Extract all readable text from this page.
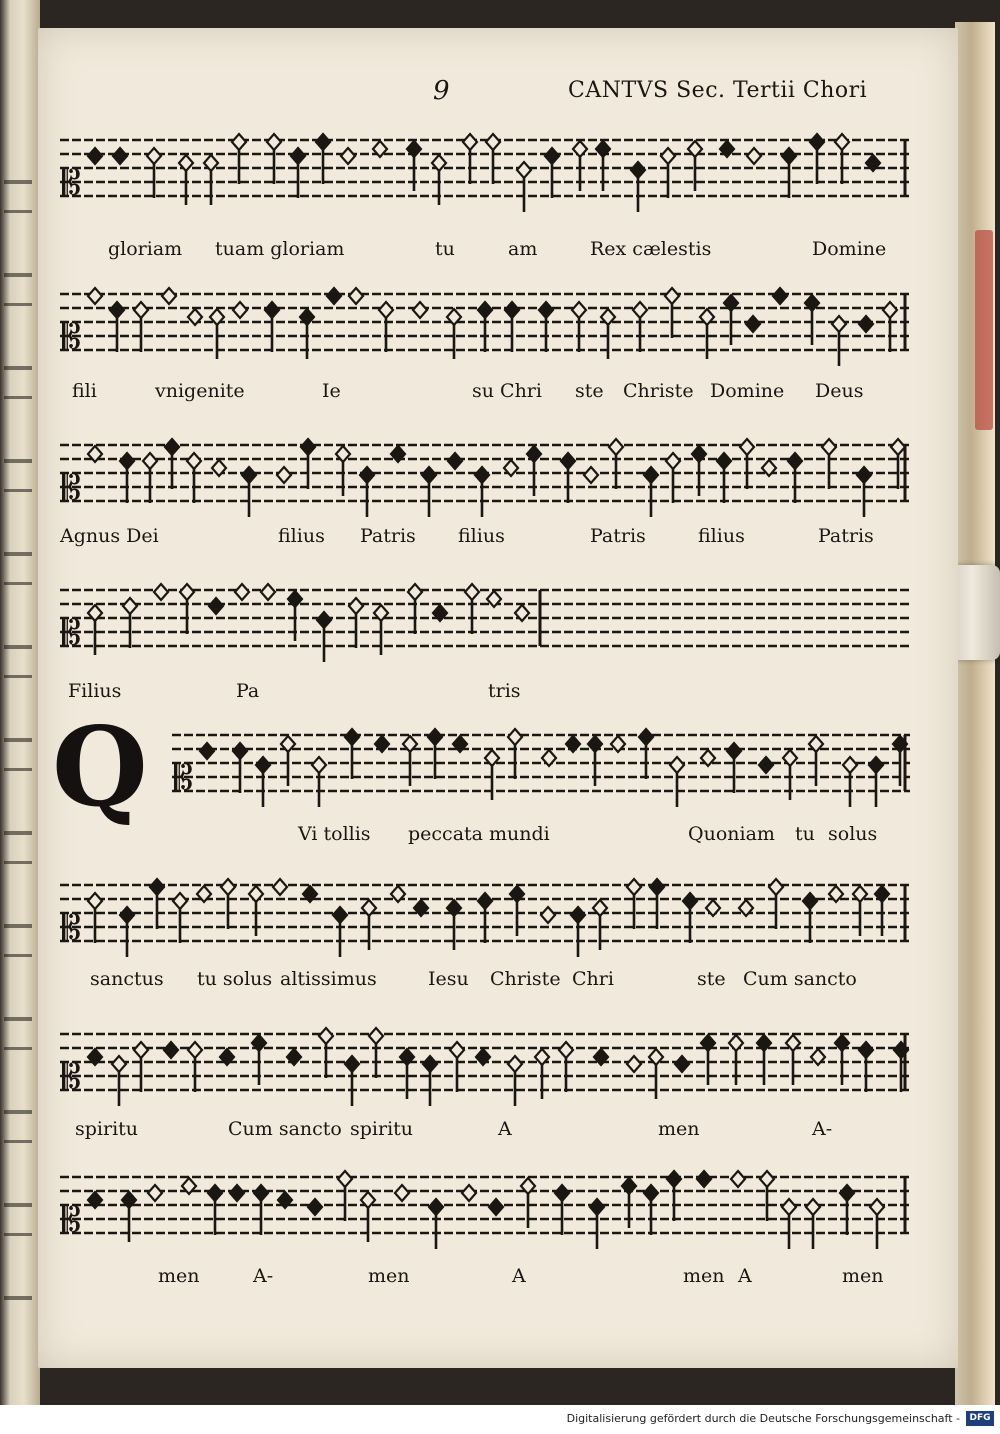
9	CANTVS Sec. Tertii Chori
Q
𝄡
gloriam tuam gloriam	tu	am	Rex cælestis	Domine
𝄡
fili	vnigenite	Ie	su Chri ste Christe Domine Deus
𝄡
Agnus Dei	filius Patris filius	Patris	filius	Patris
𝄡
Filius	Pa	tris
𝄡
Vi tollis peccata mundi	Quoniam tu solus
𝄡
sanctus tu solus altissimus	Iesu Christe Chri	ste Cum sancto
𝄡
spiritu	Cum sancto spiritu	A	men	A-
𝄡
men	A-	men	A	men A	men
Digitalisierung gefördert durch die Deutsche Forschungsgemeinschaft -	DFG
